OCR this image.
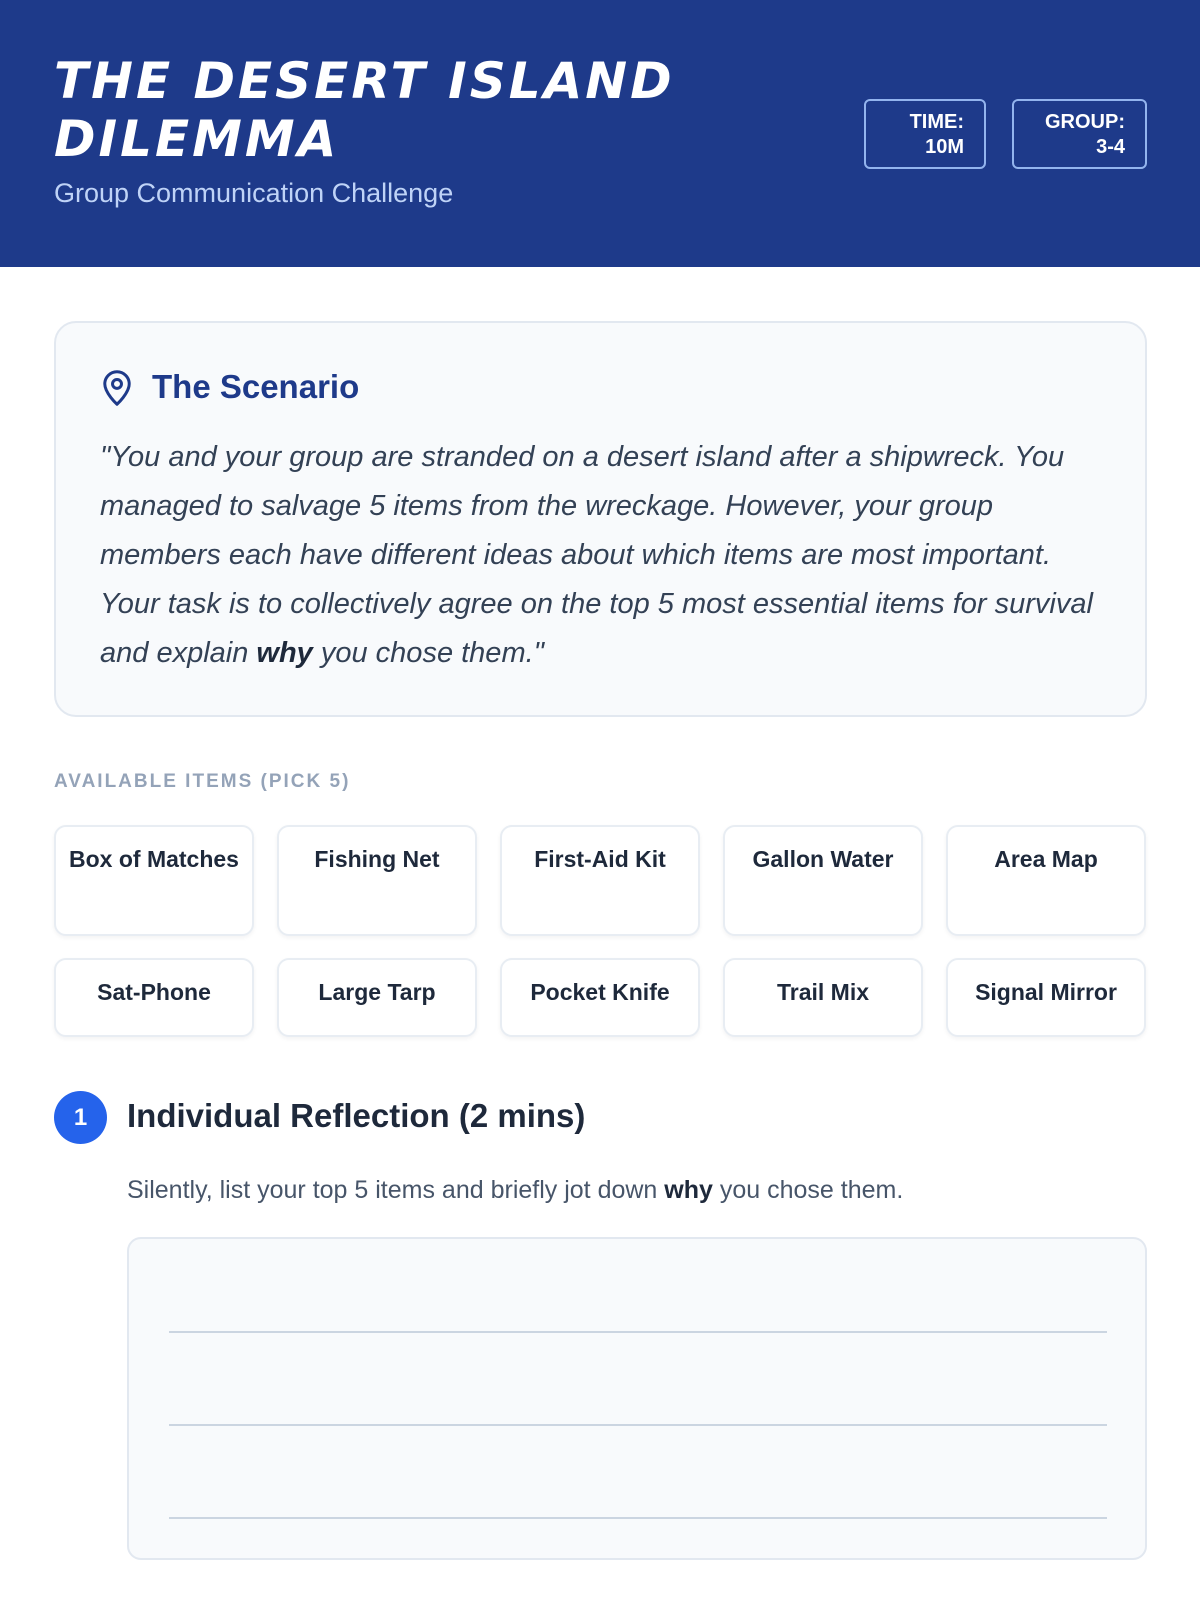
THE DESERT ISLAND DILEMMA
Group Communication Challenge
TIME:
10M
GROUP:
3-4
The Scenario

"You and your group are stranded on a desert island after a shipwreck. You managed to salvage 5 items from the wreckage. However, your group members each have different ideas about which items are most important. Your task is to collectively agree on the top 5 most essential items for survival and explain why you chose them."

AVAILABLE ITEMS (PICK 5)
Box of Matches	Fishing Net	First-Aid Kit	Gallon Water	Area Map
Sat-Phone	Large Tarp	Pocket Knife	Trail Mix	Signal Mirror
1	Individual Reflection (2 mins)

Silently, list your top 5 items and briefly jot down why you chose them.
